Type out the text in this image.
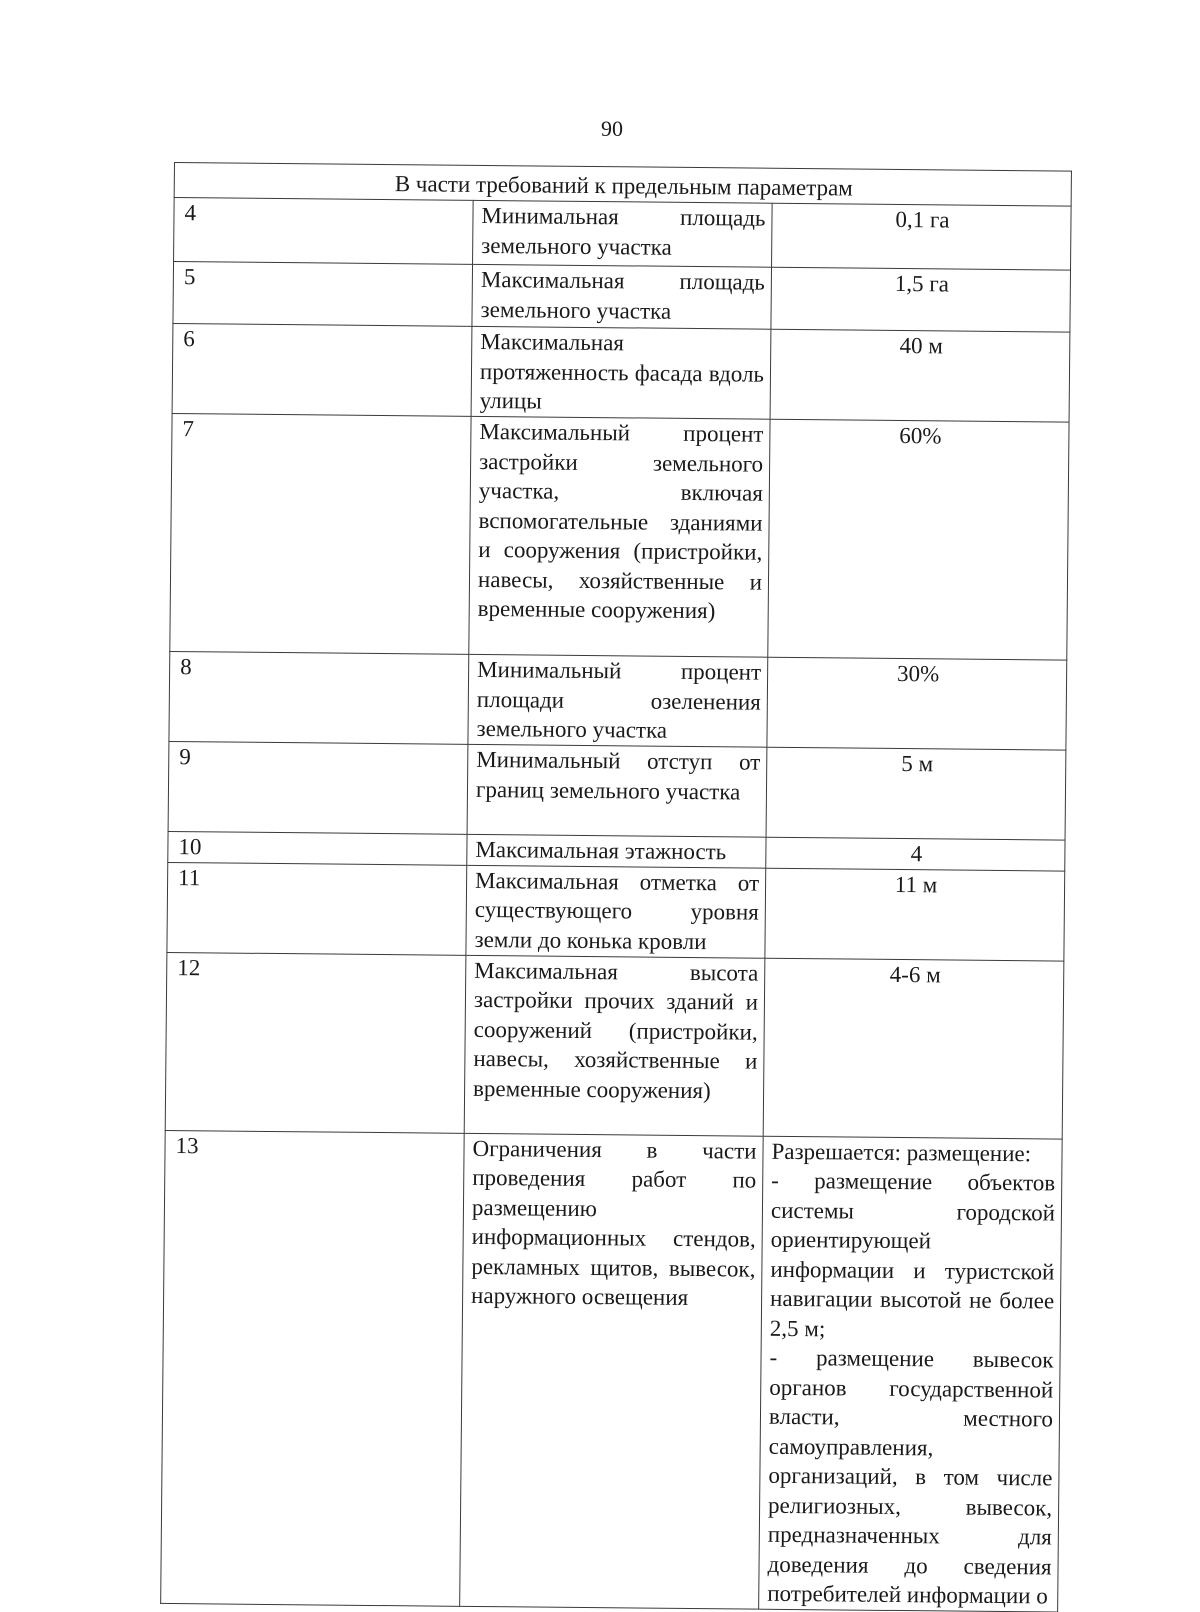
90
В части требований к предельным параметрам		
4	Минимальная площадь земельного участка	0,1 га
5	Максимальная площадь земельного участка	1,5 га
6	Максимальная протяженность фасада вдоль улицы	40 м
7	Максимальный процент застройки земельного участка, включая вспомогательные зданиями и сооружения (пристройки, навесы, хозяйственные и временные сооружения)	60%
8	Минимальный процент площади озеленения земельного участка	30%
9	Минимальный отступ от границ земельного участка	5 м
10	Максимальная этажность	4
11	Максимальная отметка от существующего уровня земли до конька кровли	11 м
12	Максимальная высота застройки прочих зданий и сооружений (пристройки, навесы, хозяйственные и временные сооружения)	4-6 м
13	Ограничения в части проведения работ по размещению информационных стендов, рекламных щитов, вывесок, наружного освещения	Разрешается: размещение:
- размещение объектов системы городской ориентирующей информации и туристской навигации высотой не более 2,5 м;
- размещение вывесок органов государственной власти, местного самоуправления, организаций, в том числе религиозных, вывесок, предназначенных для доведения до сведения потребителей информации о
